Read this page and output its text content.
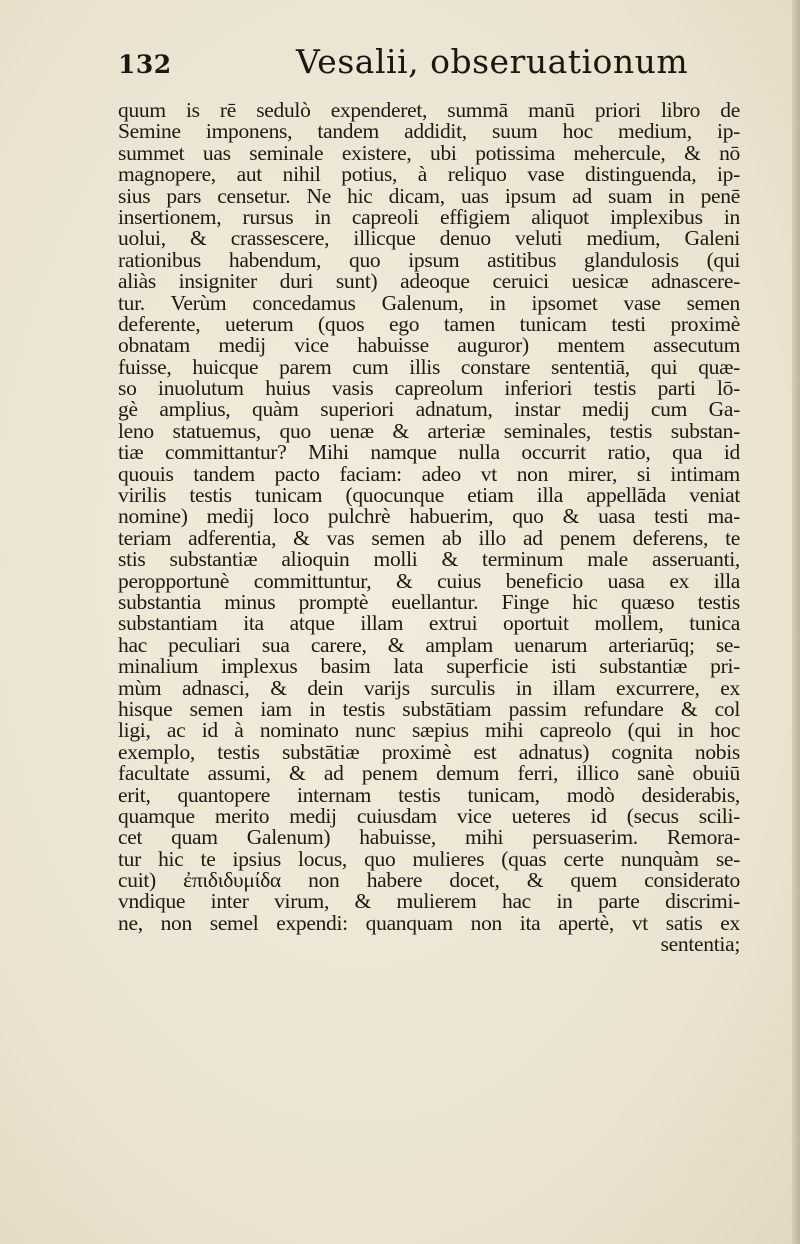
132	Vesalii, obseruationum
quum is rē sedulò expenderet, summā manū priori libro de
Semine imponens, tandem addidit, suum hoc medium, ip-
summet uas seminale existere, ubi potissima mehercule, & nō
magnopere, aut nihil potius, à reliquo vase distinguenda, ip-
sius pars censetur. Ne hic dicam, uas ipsum ad suam in penē
insertionem, rursus in capreoli effigiem aliquot implexibus in
uolui, & crassescere, illicque denuo veluti medium, Galeni
rationibus habendum, quo ipsum astitibus glandulosis (qui
aliàs insigniter duri sunt) adeoque ceruici uesicæ adnascere-
tur. Verùm concedamus Galenum, in ipsomet vase semen
deferente, ueterum (quos ego tamen tunicam testi proximè
obnatam medij vice habuisse auguror) mentem assecutum
fuisse, huicque parem cum illis constare sententiā, qui quæ-
so inuolutum huius vasis capreolum inferiori testis parti lō-
gè amplius, quàm superiori adnatum, instar medij cum Ga-
leno statuemus, quo uenæ & arteriæ seminales, testis substan-
tiæ committantur? Mihi namque nulla occurrit ratio, qua id
quouis tandem pacto faciam: adeo vt non mirer, si intimam
virilis testis tunicam (quocunque etiam illa appellāda veniat
nomine) medij loco pulchrè habuerim, quo & uasa testi ma-
teriam adferentia, & vas semen ab illo ad penem deferens, te
stis substantiæ alioquin molli & terminum male asseruanti,
peropportunè committuntur, & cuius beneficio uasa ex illa
substantia minus promptè euellantur. Finge hic quæso testis
substantiam ita atque illam extrui oportuit mollem, tunica
hac peculiari sua carere, & amplam uenarum arteriarūq; se-
minalium implexus basim lata superficie isti substantiæ pri-
mùm adnasci, & dein varijs surculis in illam excurrere, ex
hisque semen iam in testis substātiam passim refundare & col
ligi, ac id à nominato nunc sæpius mihi capreolo (qui in hoc
exemplo, testis substātiæ proximè est adnatus) cognita nobis
facultate assumi, & ad penem demum ferri, illico sanè obuiū
erit, quantopere internam testis tunicam, modò desiderabis,
quamque merito medij cuiusdam vice ueteres id (secus scili-
cet quam Galenum) habuisse, mihi persuaserim. Remora-
tur hic te ipsius locus, quo mulieres (quas certe nunquàm se-
cuit) ἐπιδιδυμίδα non habere docet, & quem considerato
vndique inter virum, & mulierem hac in parte discrimi-
ne, non semel expendi: quanquam non ita apertè, vt satis ex
sententia;
